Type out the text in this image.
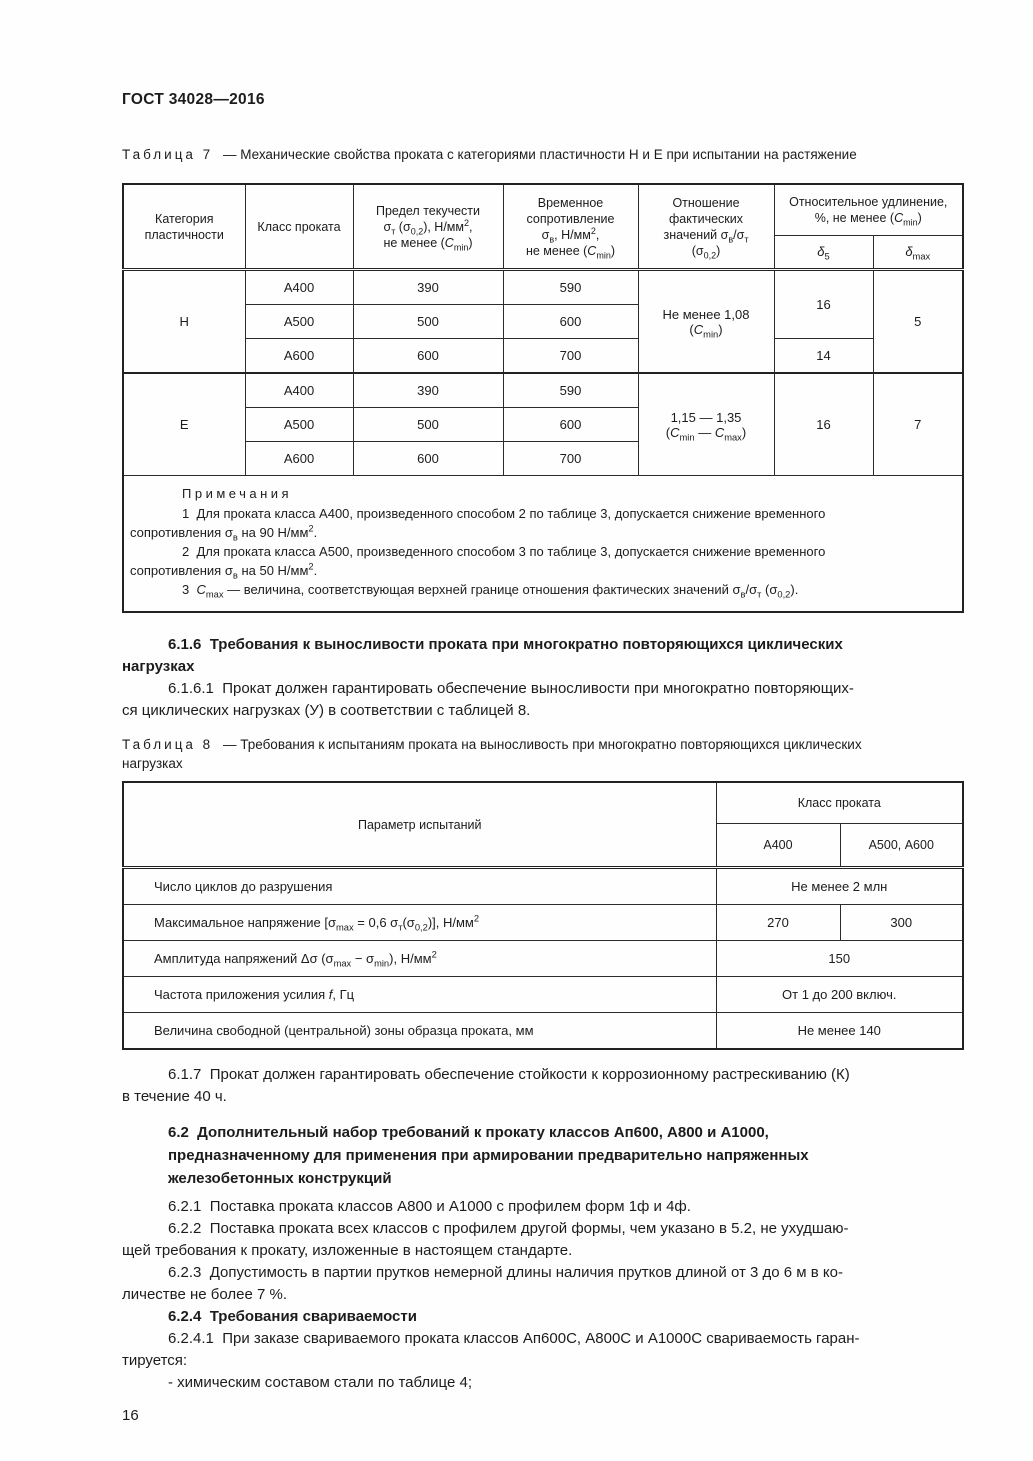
ГОСТ 34028—2016

Таблица 7 — Механические свойства проката с категориями пластичности Н и Е при испытании на растяжение

Категория пластичности	Класс проката	Предел текучести
$\sigma_т$ $(\sigma_{0,2})$, $Н/мм^2$,
не менее $(C_{min})$	Временное
сопротивление
$\sigma_в$, $Н/мм^2$,
не менее $(C_{min})$	Отношение
фактических
значений $\sigma_в/\sigma_т$
$(\sigma_{0,2})$	Относительное удлинение,
%, не менее $(C_{min})$	
					$\delta_5$	$\delta_{max}$
Н	А400	390	590	Не менее 1,08
$(C_{min})$	16	5
	А500	500	600			
	А600	600	700		14	
Е	А400	390	590	1,15 — 1,35
($C_{min}$ — $C_{max}$)	16	7
	А500	500	600			
	А600	600	700			

Примечания

1  Для проката класса А400, произведенного способом 2 по таблице 3, допускается снижение временного
сопротивления $\sigma_в$ на 90 $Н/мм^2$.

2  Для проката класса А500, произведенного способом 3 по таблице 3, допускается снижение временного
сопротивления $\sigma_в$ на 50 $Н/мм^2$.

3  $C_{max}$ — величина, соответствующая верхней границе отношения фактических значений $\sigma_в/\sigma_т$ $(\sigma_{0,2})$.

6.1.6  Требования к выносливости проката при многократно повторяющихся циклических
нагрузках

6.1.6.1  Прокат должен гарантировать обеспечение выносливости при многократно повторяющих-
ся циклических нагрузках (У) в соответствии с таблицей 8.

Таблица 8 — Требования к испытаниям проката на выносливость при многократно повторяющихся циклических
нагрузках

Параметр испытаний	Класс проката	
	А400	А500, А600
Число циклов до разрушения	Не менее 2 млн	
Максимальное напряжение [$\sigma_{max} = 0,6$ $\sigma_т(\sigma_{0,2})$], $Н/мм^2$	270	300
Амплитуда напряжений Δσ $(\sigma_{max} - \sigma_{min})$, $Н/мм^2$	150	
Частота приложения усилия f, Гц	От 1 до 200 включ.	
Величина свободной (центральной) зоны образца проката, мм	Не менее 140	

6.1.7  Прокат должен гарантировать обеспечение стойкости к коррозионному растрескиванию (К)
в течение 40 ч.

6.2  Дополнительный набор требований к прокату классов Ап600, А800 и А1000,
предназначенному для применения при армировании предварительно напряженных
железобетонных конструкций

6.2.1  Поставка проката классов А800 и А1000 с профилем форм 1ф и 4ф.

6.2.2  Поставка проката всех классов с профилем другой формы, чем указано в 5.2, не ухудшаю-
щей требования к прокату, изложенные в настоящем стандарте.

6.2.3  Допустимость в партии прутков немерной длины наличия прутков длиной от 3 до 6 м в ко-
личестве не более 7 %.

6.2.4  Требования свариваемости

6.2.4.1  При заказе свариваемого проката классов Ап600С, А800С и А1000С свариваемость гаран-
тируется:

- химическим составом стали по таблице 4;

16
